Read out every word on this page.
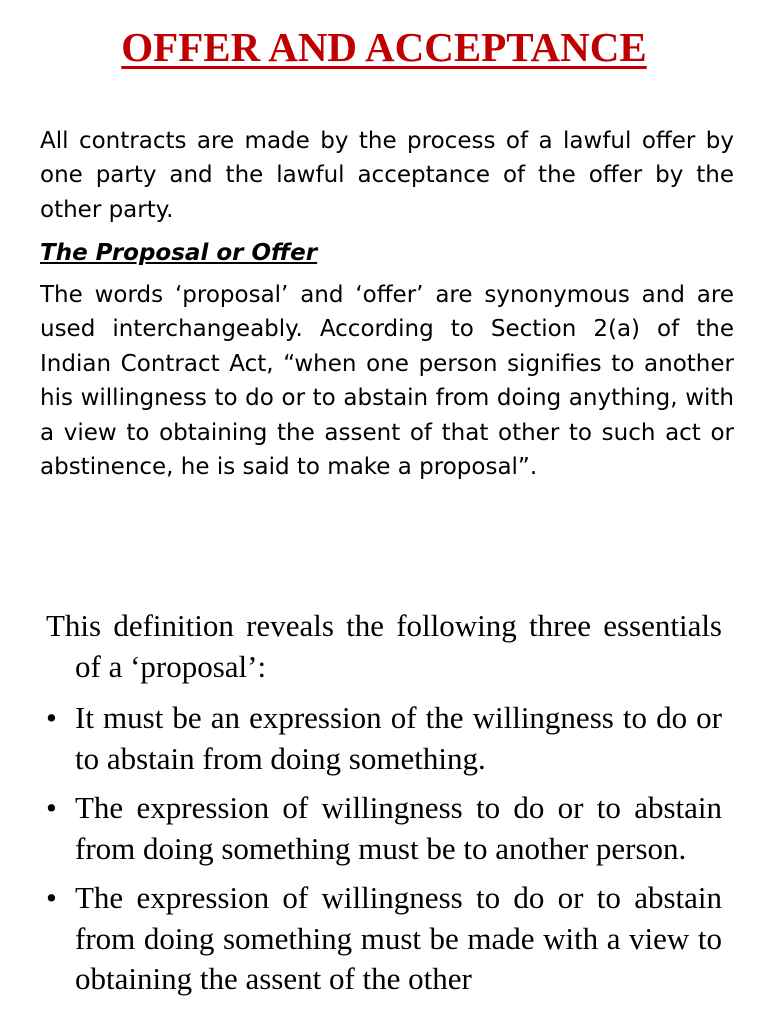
OFFER AND ACCEPTANCE

All contracts are made by the process of a lawful offer by one party and the lawful acceptance of the offer by the other party.

The Proposal or Offer

The words ‘proposal’ and ‘offer’ are synonymous and are used interchangeably. According to Section 2(a) of the Indian Contract Act, “when one person signifies to another his willingness to do or to abstain from doing anything, with a view to obtaining the assent of that other to such act or abstinence, he is said to make a proposal”.

This definition reveals the following three essentials of a ‘proposal’:

• It must be an expression of the willingness to do or to abstain from doing something.
• The expression of willingness to do or to abstain from doing something must be to another person.
• The expression of willingness to do or to abstain from doing something must be made with a view to obtaining the assent of the other
